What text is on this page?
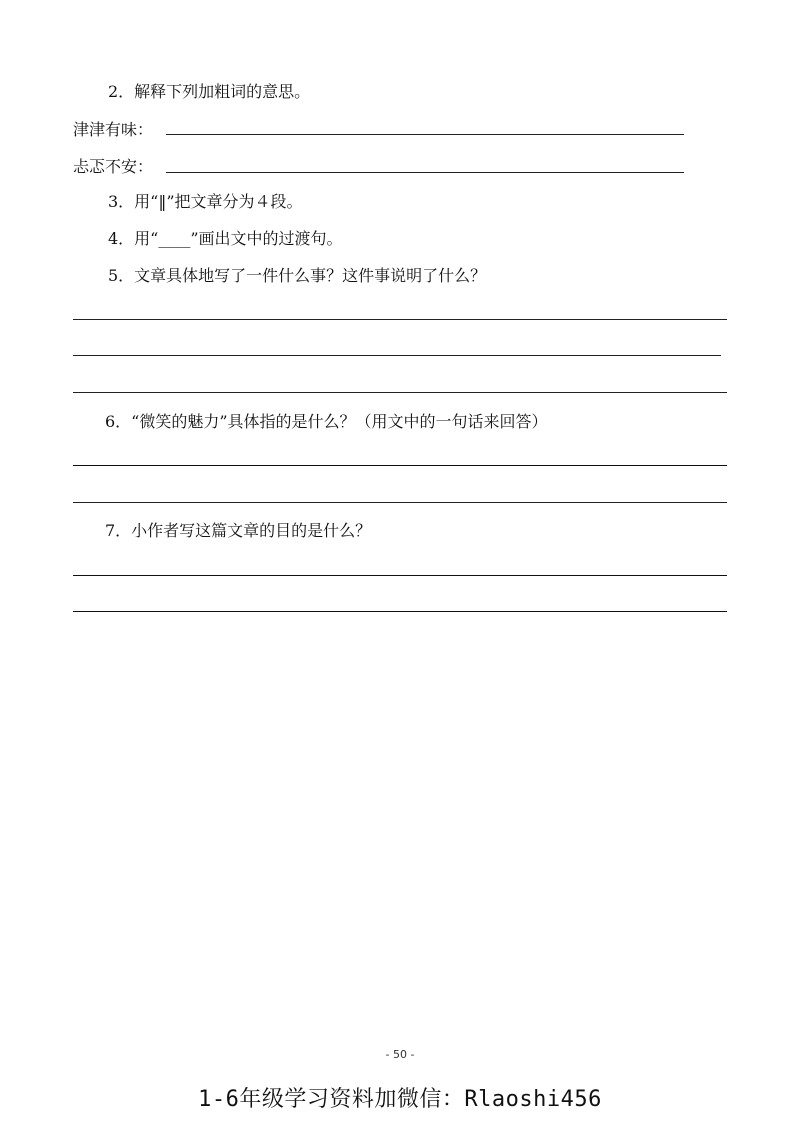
2．解释下列加粗词的意思。
津津有味：
忐忑不安：
3．用“‖”把文章分为４段。
4．用“____”画出文中的过渡句。
5．文章具体地写了一件什么事？这件事说明了什么？
6．“微笑的魅力”具体指的是什么？（用文中的一句话来回答）
7．小作者写这篇文章的目的是什么？
- 50 -
1-6年级学习资料加微信：Rlaoshi456
